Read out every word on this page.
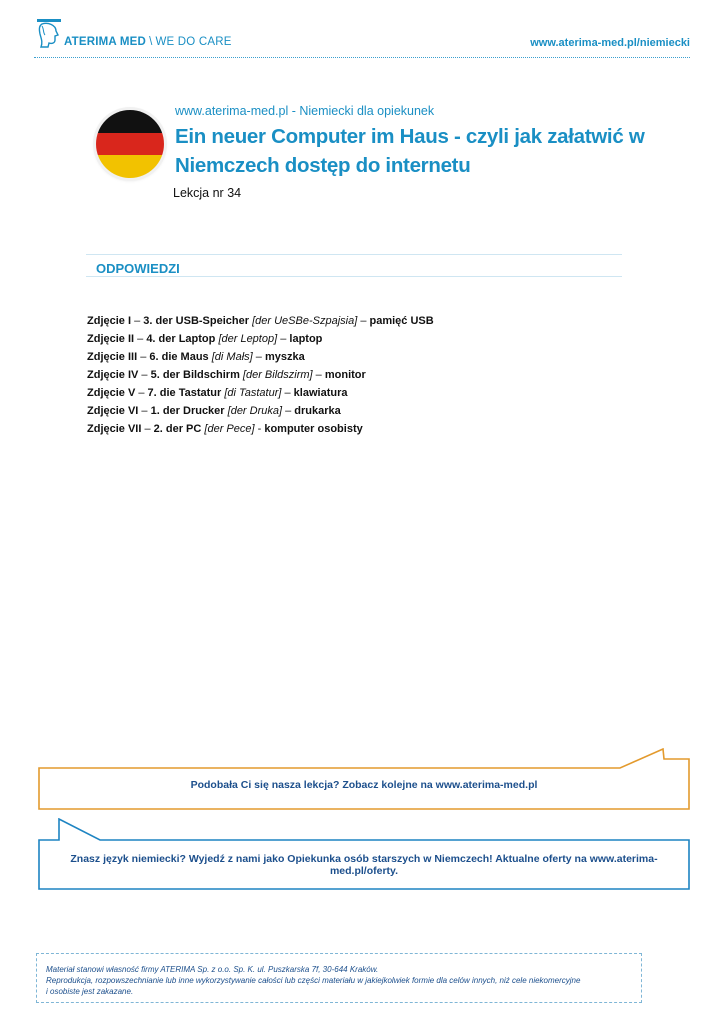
ATERIMA MED \ WE DO CARE	www.aterima-med.pl/niemiecki
www.aterima-med.pl - Niemiecki dla opiekunek
Ein neuer Computer im Haus - czyli jak załatwić w Niemczech dostęp do internetu
Lekcja nr 34
ODPOWIEDZI
Zdjęcie I – 3. der USB-Speicher [der UeSBe-Szpajsia] – pamięć USB
Zdjęcie II – 4. der Laptop [der Leptop] – laptop
Zdjęcie III – 6. die Maus [di Małs] – myszka
Zdjęcie IV – 5. der Bildschirm [der Bildszirm] – monitor
Zdjęcie V – 7. die Tastatur [di Tastatur] – klawiatura
Zdjęcie VI – 1. der Drucker [der Druka] – drukarka
Zdjęcie VII – 2. der PC [der Pece] - komputer osobisty
Podobała Ci się nasza lekcja? Zobacz kolejne na www.aterima-med.pl
Znasz język niemiecki? Wyjedź z nami jako Opiekunka osób starszych w Niemczech! Aktualne oferty na www.aterima-med.pl/oferty.
Materiał stanowi własność firmy ATERIMA Sp. z o.o. Sp. K. ul. Puszkarska 7f, 30-644 Kraków.
Reprodukcja, rozpowszechnianie lub inne wykorzystywanie całości lub części materiału w jakiejkolwiek formie dla celów innych, niż cele niekomercyjne
i osobiste jest zakazane.
